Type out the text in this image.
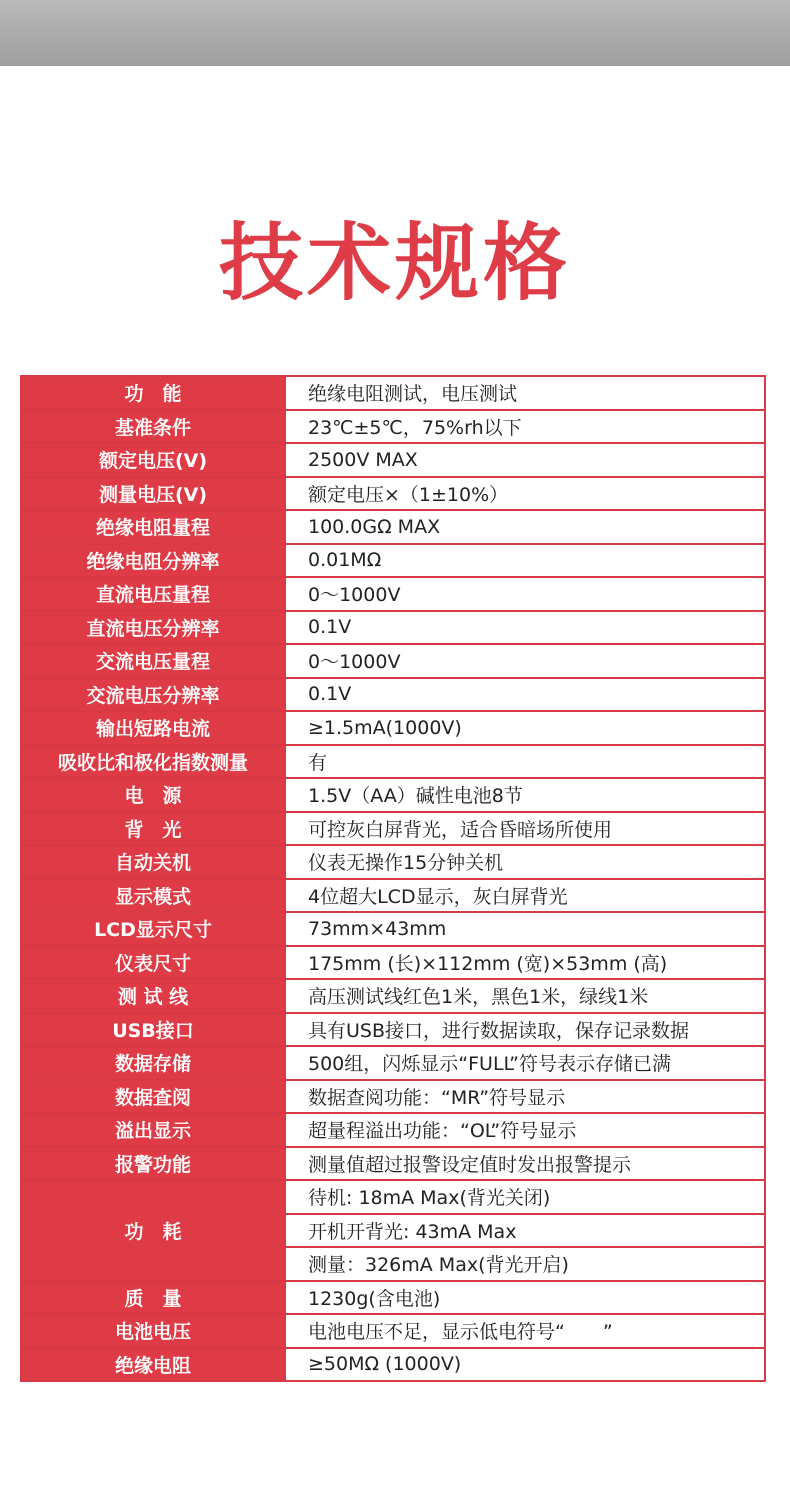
技术规格
功　能	绝缘电阻测试，电压测试
基准条件	23℃±5℃，75%rh以下
额定电压(V)	2500V MAX
测量电压(V)	额定电压×（1±10%）
绝缘电阻量程	100.0GΩ MAX
绝缘电阻分辨率	0.01MΩ
直流电压量程	0～1000V
直流电压分辨率	0.1V
交流电压量程	0～1000V
交流电压分辨率	0.1V
输出短路电流	≥1.5mA(1000V)
吸收比和极化指数测量	有
电　源	1.5V（AA）碱性电池8节
背　光	可控灰白屏背光，适合昏暗场所使用
自动关机	仪表无操作15分钟关机
显示模式	4位超大LCD显示，灰白屏背光
LCD显示尺寸	73mm×43mm
仪表尺寸	175mm (长)×112mm (宽)×53mm (高)
测 试 线	高压测试线红色1米，黑色1米，绿线1米
USB接口	具有USB接口，进行数据读取，保存记录数据
数据存储	500组，闪烁显示“FULL”符号表示存储已满
数据查阅	数据查阅功能：“MR”符号显示
溢出显示	超量程溢出功能：“OL”符号显示
报警功能	测量值超过报警设定值时发出报警提示
功　耗	待机: 18mA Max(背光关闭)
	开机开背光: 43mA Max
	测量：326mA Max(背光开启)
质　量	1230g(含电池)
电池电压	电池电压不足，显示低电符号“　　”
绝缘电阻	≥50MΩ (1000V)
